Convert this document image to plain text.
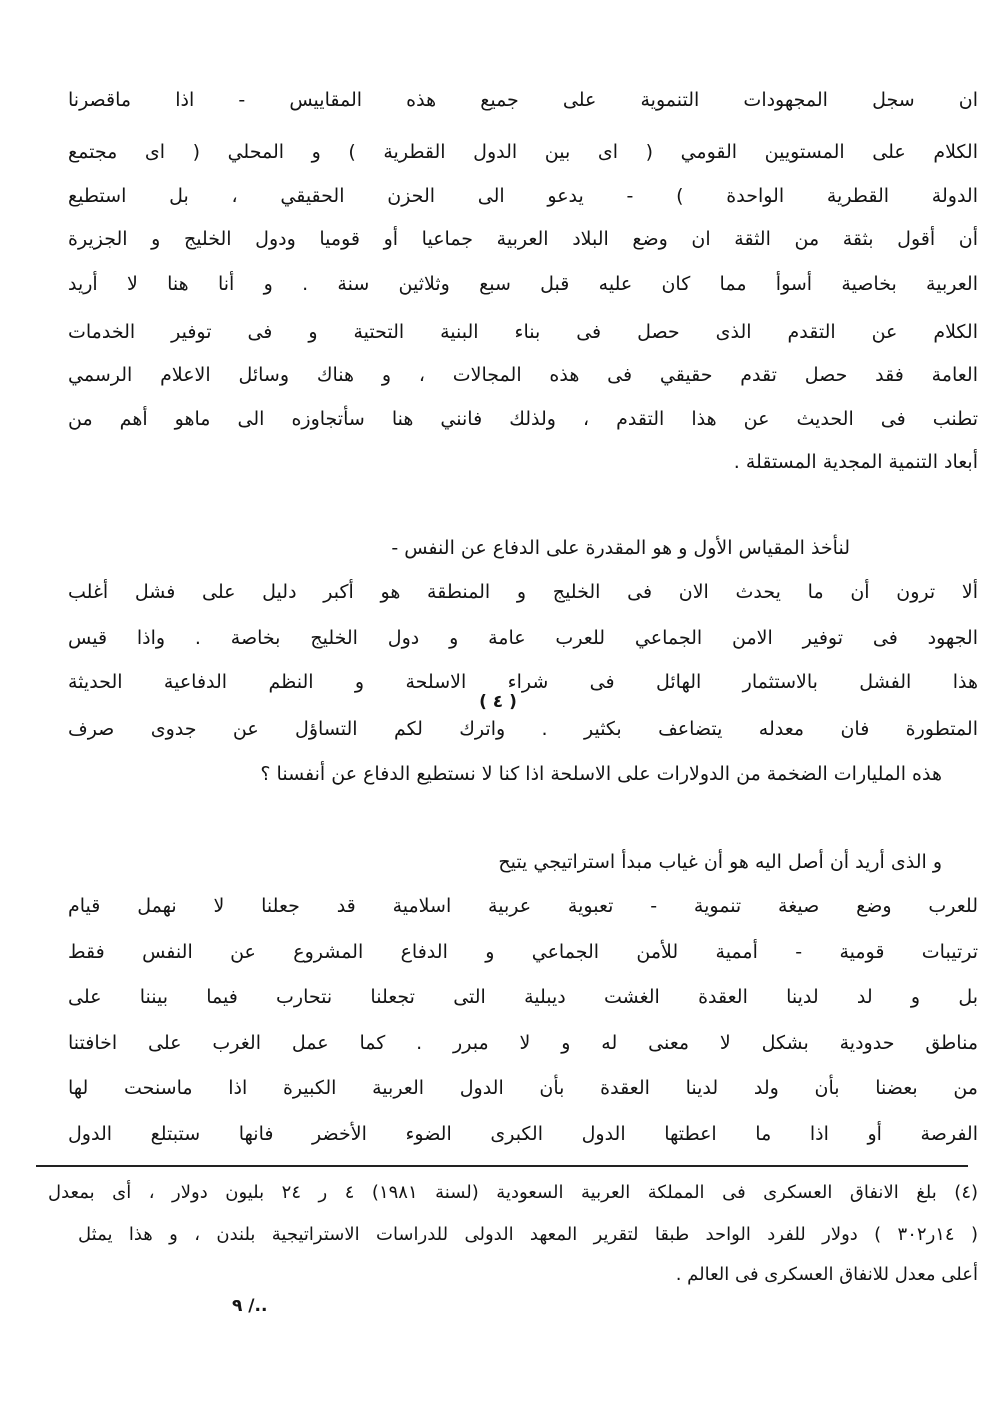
ان سجل المجهودات التنموية على جميع هذه المقاييس - اذا ماقصرنا
الكلام على المستويين القومي ( اى بين الدول القطرية ) و المحلي ( اى مجتمع
الدولة القطرية الواحدة ) - يدعو الى الحزن الحقيقي ، بل استطيع
أن أقول بثقة من الثقة ان وضع البلاد العربية جماعيا أو قوميا ودول الخليج و الجزيرة
العربية بخاصية أسوأ مما كان عليه قبل سبع وثلاثين سنة . و أنا هنا لا أريد
الكلام عن التقدم الذى حصل فى بناء البنية التحتية و فى توفير الخدمات
العامة فقد حصل تقدم حقيقي فى هذه المجالات ، و هناك وسائل الاعلام الرسمي
تطنب فى الحديث عن هذا التقدم ، ولذلك فانني هنا سأتجاوزه الى ماهو أهم من
أبعاد التنمية المجدية المستقلة .
لنأخذ المقياس الأول و هو المقدرة على الدفاع عن النفس -
ألا ترون أن ما يحدث الان فى الخليج و المنطقة هو أكبر دليل على فشل أغلب
الجهود فى توفير الامن الجماعي للعرب عامة و دول الخليج بخاصة . واذا قيس
هذا الفشل بالاستثمار الهائل فى شراء الاسلحة و النظم الدفاعية الحديثة
( ٤ )
المتطورة فان معدله يتضاعف بكثير . واترك لكم التساؤل عن جدوى صرف
هذه المليارات الضخمة من الدولارات على الاسلحة اذا كنا لا نستطيع الدفاع عن أنفسنا ؟
و الذى أريد أن أصل اليه هو أن غياب مبدأ استراتيجي يتيح
للعرب وضع صيغة تنموية - تعبوية عربية اسلامية قد جعلنا لا نهمل قيام
ترتيبات قومية - أممية للأمن الجماعي و الدفاع المشروع عن النفس فقط
بل و لد لدينا العقدة الغشت ديبلية التى تجعلنا نتحارب فيما بيننا على
مناطق حدودية بشكل لا معنى له و لا مبرر . كما عمل الغرب على اخافتنا
من بعضنا بأن ولد لدينا العقدة بأن الدول العربية الكبيرة اذا ماسنحت لها
الفرصة أو اذا ما اعطتها الدول الكبرى الضوء الأخضر فانها ستبتلع الدول
(٤) بلغ الانفاق العسكرى فى المملكة العربية السعودية (لسنة ١٩٨١) ٤ ر ٢٤ بليون دولار ، أى بمعدل
( ١٤ر٣٠٢ ) دولار للفرد الواحد طبقا لتقرير المعهد الدولى للدراسات الاستراتيجية بلندن ، و هذا يمثل
أعلى معدل للانفاق العسكرى فى العالم .
٩ /..
